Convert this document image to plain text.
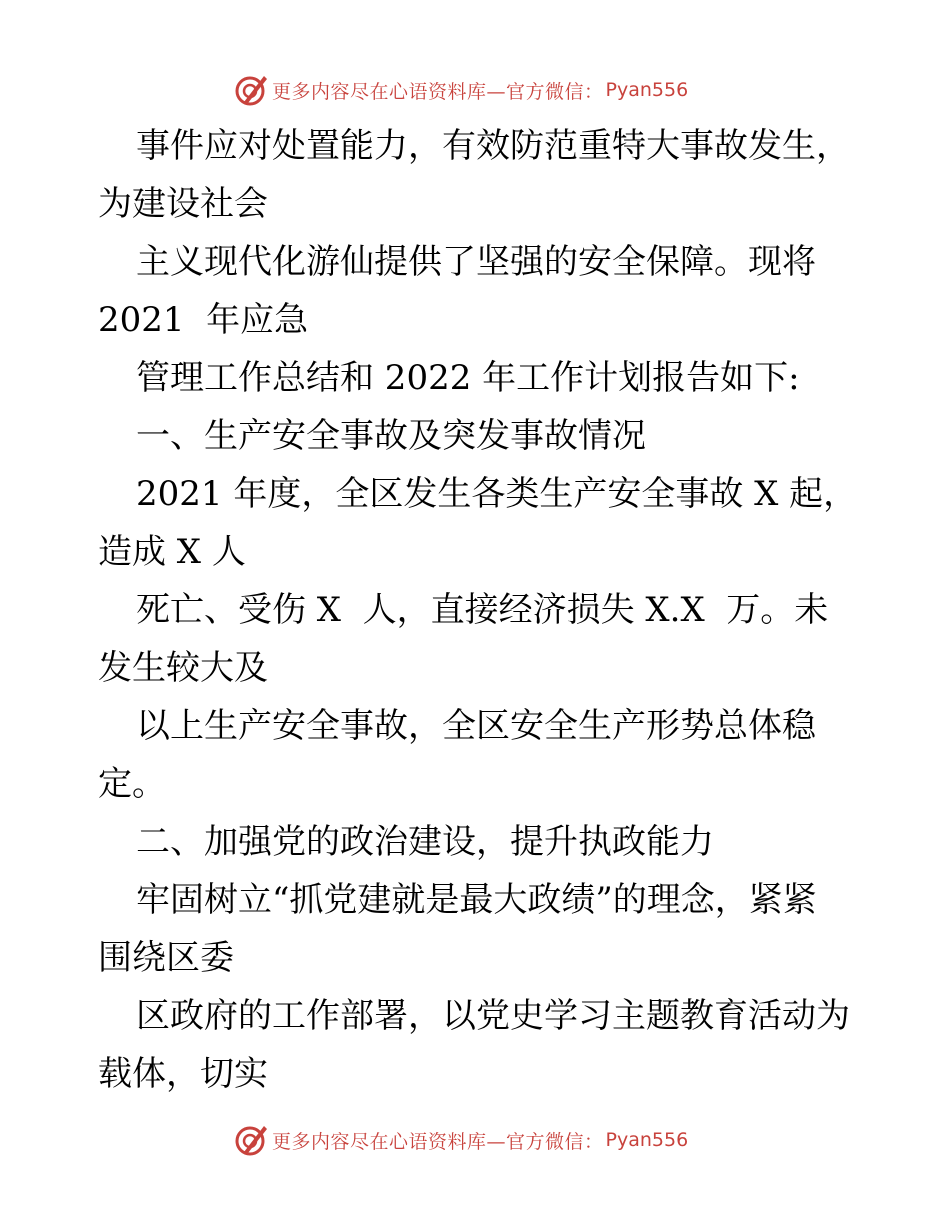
更多内容尽在心语资料库—官方微信： Pyan556
事件应对处置能力，有效防范重特大事故发生，
为建设社会
主义现代化游仙提供了坚强的安全保障。现将
2021  年应急
管理工作总结和 2022 年工作计划报告如下:
一、生产安全事故及突发事故情况
2021 年度，全区发生各类生产安全事故 X 起，
造成 X 人
死亡、受伤 X  人，直接经济损失 X.X  万。未
发生较大及
以上生产安全事故，全区安全生产形势总体稳
定。
二、加强党的政治建设，提升执政能力
牢固树立“抓党建就是最大政绩”的理念，紧紧
围绕区委
区政府的工作部署，以党史学习主题教育活动为
载体，切实
更多内容尽在心语资料库—官方微信： Pyan556
